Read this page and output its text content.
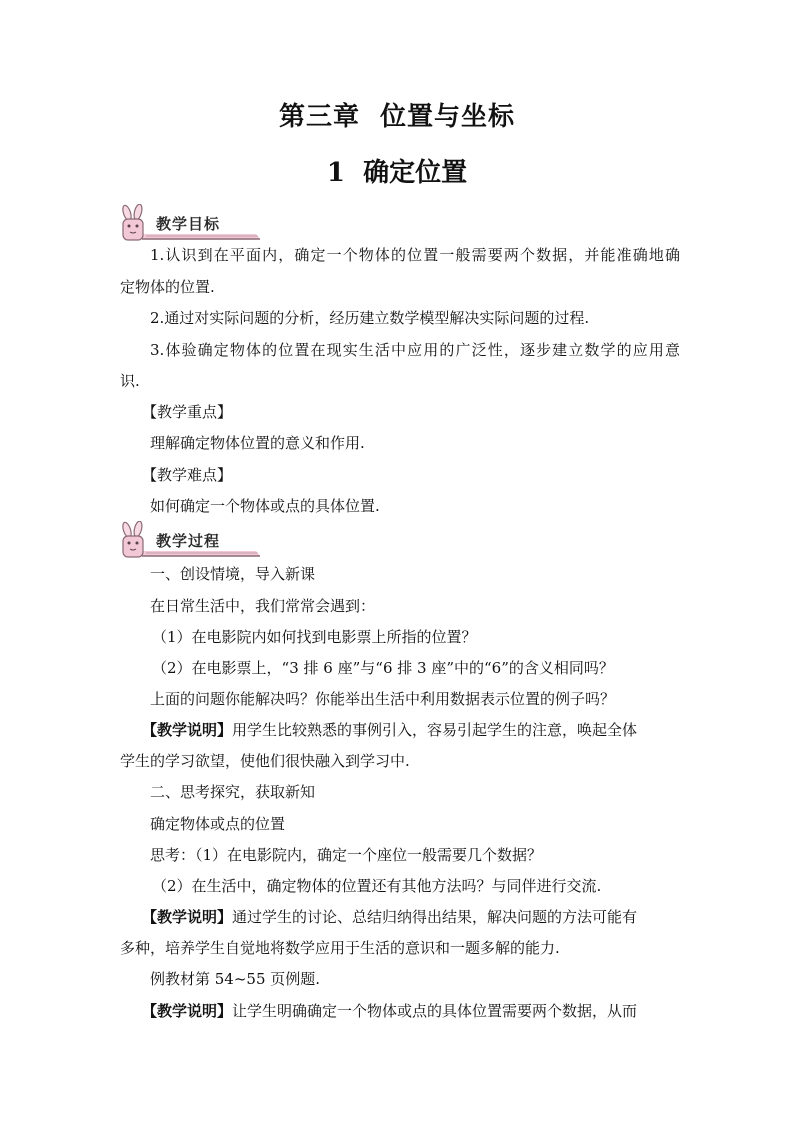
第三章  位置与坐标
1  确定位置
教学目标
1.认识到在平面内，确定一个物体的位置一般需要两个数据，并能准确地确
定物体的位置.
2.通过对实际问题的分析，经历建立数学模型解决实际问题的过程.
3.体验确定物体的位置在现实生活中应用的广泛性，逐步建立数学的应用意
识.
【教学重点】
理解确定物体位置的意义和作用.
【教学难点】
如何确定一个物体或点的具体位置.
教学过程
一、创设情境，导入新课
在日常生活中，我们常常会遇到：
（1）在电影院内如何找到电影票上所指的位置？
（2）在电影票上，“3 排 6 座”与“6 排 3 座”中的“6”的含义相同吗？
上面的问题你能解决吗？你能举出生活中利用数据表示位置的例子吗？
【教学说明】用学生比较熟悉的事例引入，容易引起学生的注意，唤起全体
学生的学习欲望，使他们很快融入到学习中.
二、思考探究，获取新知
确定物体或点的位置
思考：（1）在电影院内，确定一个座位一般需要几个数据？
（2）在生活中，确定物体的位置还有其他方法吗？与同伴进行交流.
【教学说明】通过学生的讨论、总结归纳得出结果，解决问题的方法可能有
多种，培养学生自觉地将数学应用于生活的意识和一题多解的能力.
例教材第 54~55 页例题.
【教学说明】让学生明确确定一个物体或点的具体位置需要两个数据，从而
